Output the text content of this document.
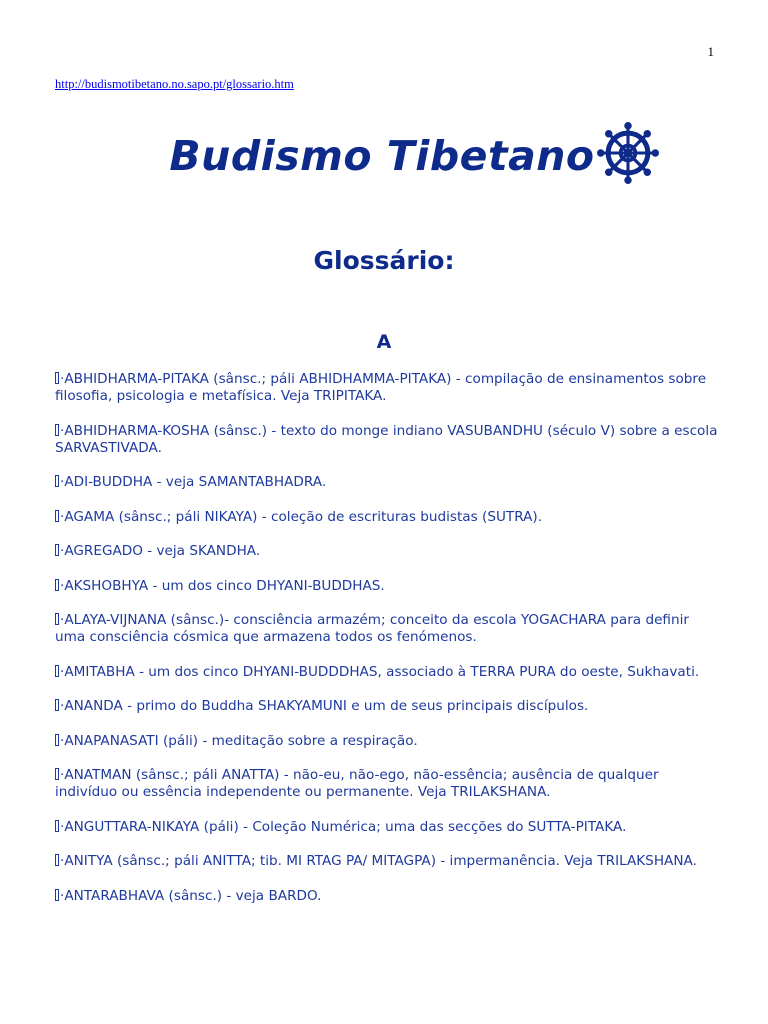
1
http://budismotibetano.no.sapo.pt/glossario.htm
Budismo Tibetano
Glossário:
A

·ABHIDHARMA-PITAKA (sânsc.; páli ABHIDHAMMA-PITAKA) - compilação de ensinamentos sobre filosofia, psicologia e metafísica. Veja TRIPITAKA.

·ABHIDHARMA-KOSHA (sânsc.) - texto do monge indiano VASUBANDHU (século V) sobre a escola SARVASTIVADA.

·ADI-BUDDHA - veja SAMANTABHADRA.

·AGAMA (sânsc.; páli NIKAYA) - coleção de escrituras budistas (SUTRA).

·AGREGADO - veja SKANDHA.

·AKSHOBHYA - um dos cinco DHYANI-BUDDHAS.

·ALAYA-VIJNANA (sânsc.)- consciência armazém; conceito da escola YOGACHARA para definir uma consciência cósmica que armazena todos os fenómenos.

·AMITABHA - um dos cinco DHYANI-BUDDDHAS, associado à TERRA PURA do oeste, Sukhavati.

·ANANDA - primo do Buddha SHAKYAMUNI e um de seus principais discípulos.

·ANAPANASATI (páli) - meditação sobre a respiração.

·ANATMAN (sânsc.; páli ANATTA) - não-eu, não-ego, não-essência; ausência de qualquer indivíduo ou essência independente ou permanente. Veja TRILAKSHANA.

·ANGUTTARA-NIKAYA (páli) - Coleção Numérica; uma das secções do SUTTA-PITAKA.

·ANITYA (sânsc.; páli ANITTA; tib. MI RTAG PA/ MITAGPA) - impermanência. Veja TRILAKSHANA.

·ANTARABHAVA (sânsc.) - veja BARDO.
